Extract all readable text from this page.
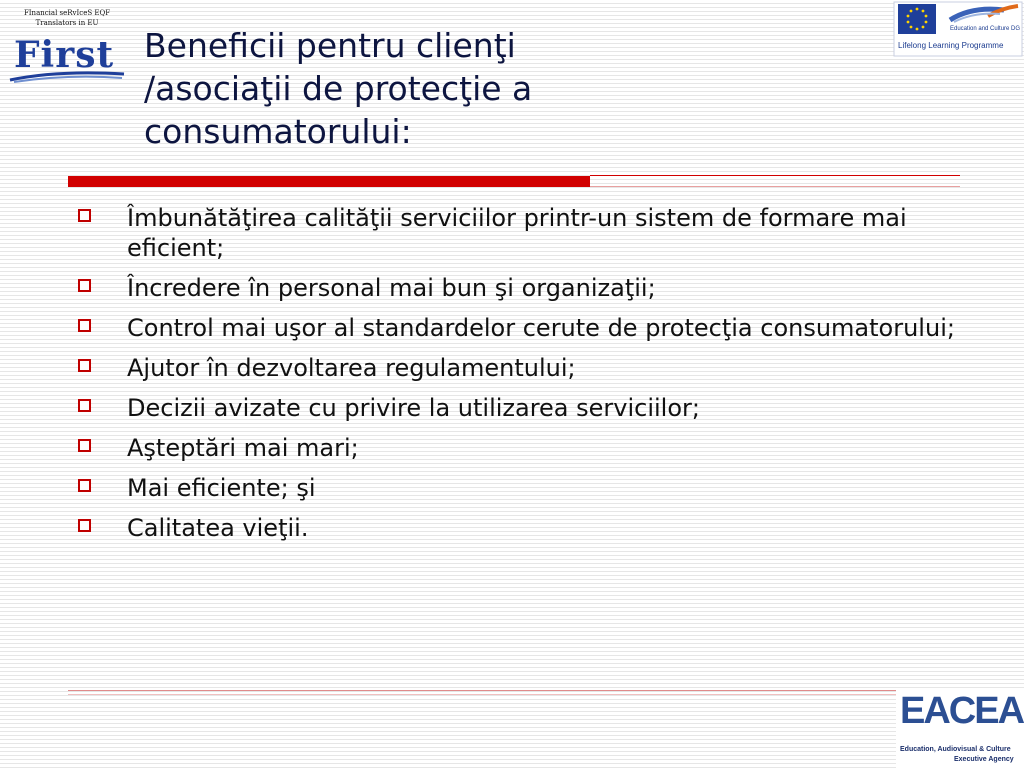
FInancial seRvIceS EQF Translators in EU
First Beneficii pentru clienţi
/asociaţii de protecţie a
consumatorului:
Education and Culture DG
Lifelong Learning Programme
Îmbunătăţirea calităţii serviciilor printr-un sistem de formare mai eficient;
Încredere în personal mai bun şi organizaţii;
Control mai uşor al standardelor cerute de protecţia consumatorului;
Ajutor în dezvoltarea regulamentului;
Decizii avizate cu privire la utilizarea serviciilor;
Aşteptări mai mari;
Mai eficiente; şi
Calitatea vieţii.
EACEA
Education, Audiovisual & Culture
Executive Agency
